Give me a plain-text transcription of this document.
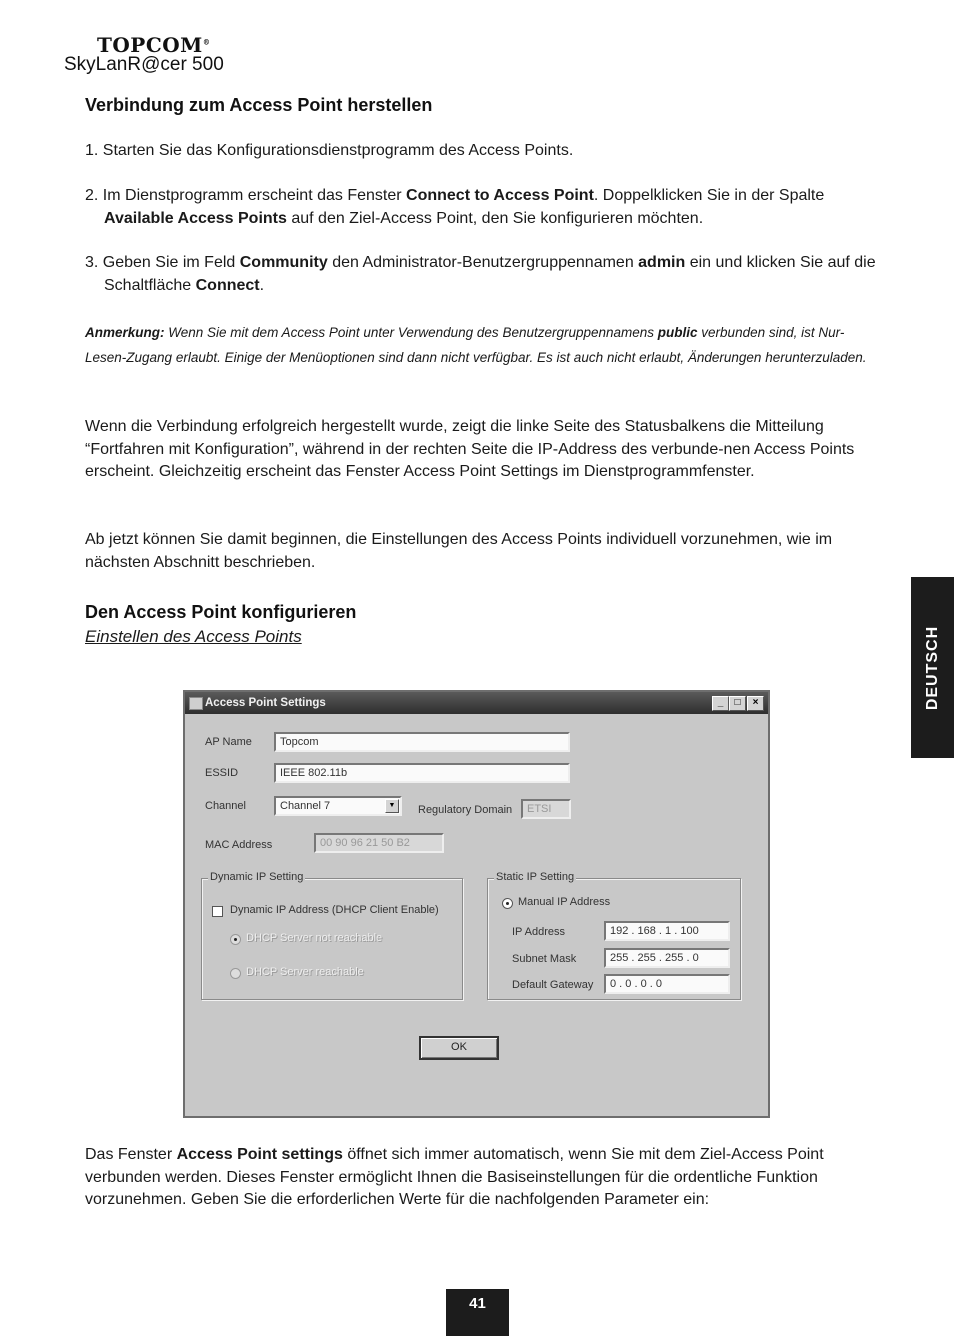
TOPCOM®
SkyLanR@cer 500
Verbindung zum Access Point herstellen
1. Starten Sie das Konfigurationsdienstprogramm des Access Points.
2. Im Dienstprogramm erscheint das Fenster Connect to Access Point. Doppelklicken Sie in der Spalte Available Access Points auf den Ziel-Access Point, den Sie konfigurieren möchten.
3. Geben Sie im Feld Community den Administrator-Benutzergruppennamen admin ein und klicken Sie auf die Schaltfläche Connect.
Anmerkung: Wenn Sie mit dem Access Point unter Verwendung des Benutzergruppennamens public verbunden sind, ist Nur-Lesen-Zugang erlaubt. Einige der Menüoptionen sind dann nicht verfügbar. Es ist auch nicht erlaubt, Änderungen herunterzuladen.
Wenn die Verbindung erfolgreich hergestellt wurde, zeigt die linke Seite des Statusbalkens die Mitteilung “Fortfahren mit Konfiguration”, während in der rechten Seite die IP-Address des verbunde-nen Access Points erscheint. Gleichzeitig erscheint das Fenster Access Point Settings im Dienstprogrammfenster.
Ab jetzt können Sie damit beginnen, die Einstellungen des Access Points individuell vorzunehmen, wie im nächsten Abschnitt beschrieben.
Den Access Point konfigurieren
Einstellen des Access Points
Access Point Settings	_	□	×
AP Name	Topcom
ESSID	IEEE 802.11b
Channel	Channel 7	▼	Regulatory Domain	ETSI
MAC Address	00 90 96 21 50 B2
Dynamic IP Setting
Dynamic IP Address (DHCP Client Enable)
DHCP Server not reachable
DHCP Server reachable
Static IP Setting
Manual IP Address
IP Address	192 . 168 . 1 . 100
Subnet Mask	255 . 255 . 255 . 0
Default Gateway	0 . 0 . 0 . 0
OK
Das Fenster Access Point settings öffnet sich immer automatisch, wenn Sie mit dem Ziel-Access Point verbunden werden. Dieses Fenster ermöglicht Ihnen die Basiseinstellungen für die ordentliche Funktion vorzunehmen. Geben Sie die erforderlichen Werte für die nachfolgenden Parameter ein:
DEUTSCH
41
